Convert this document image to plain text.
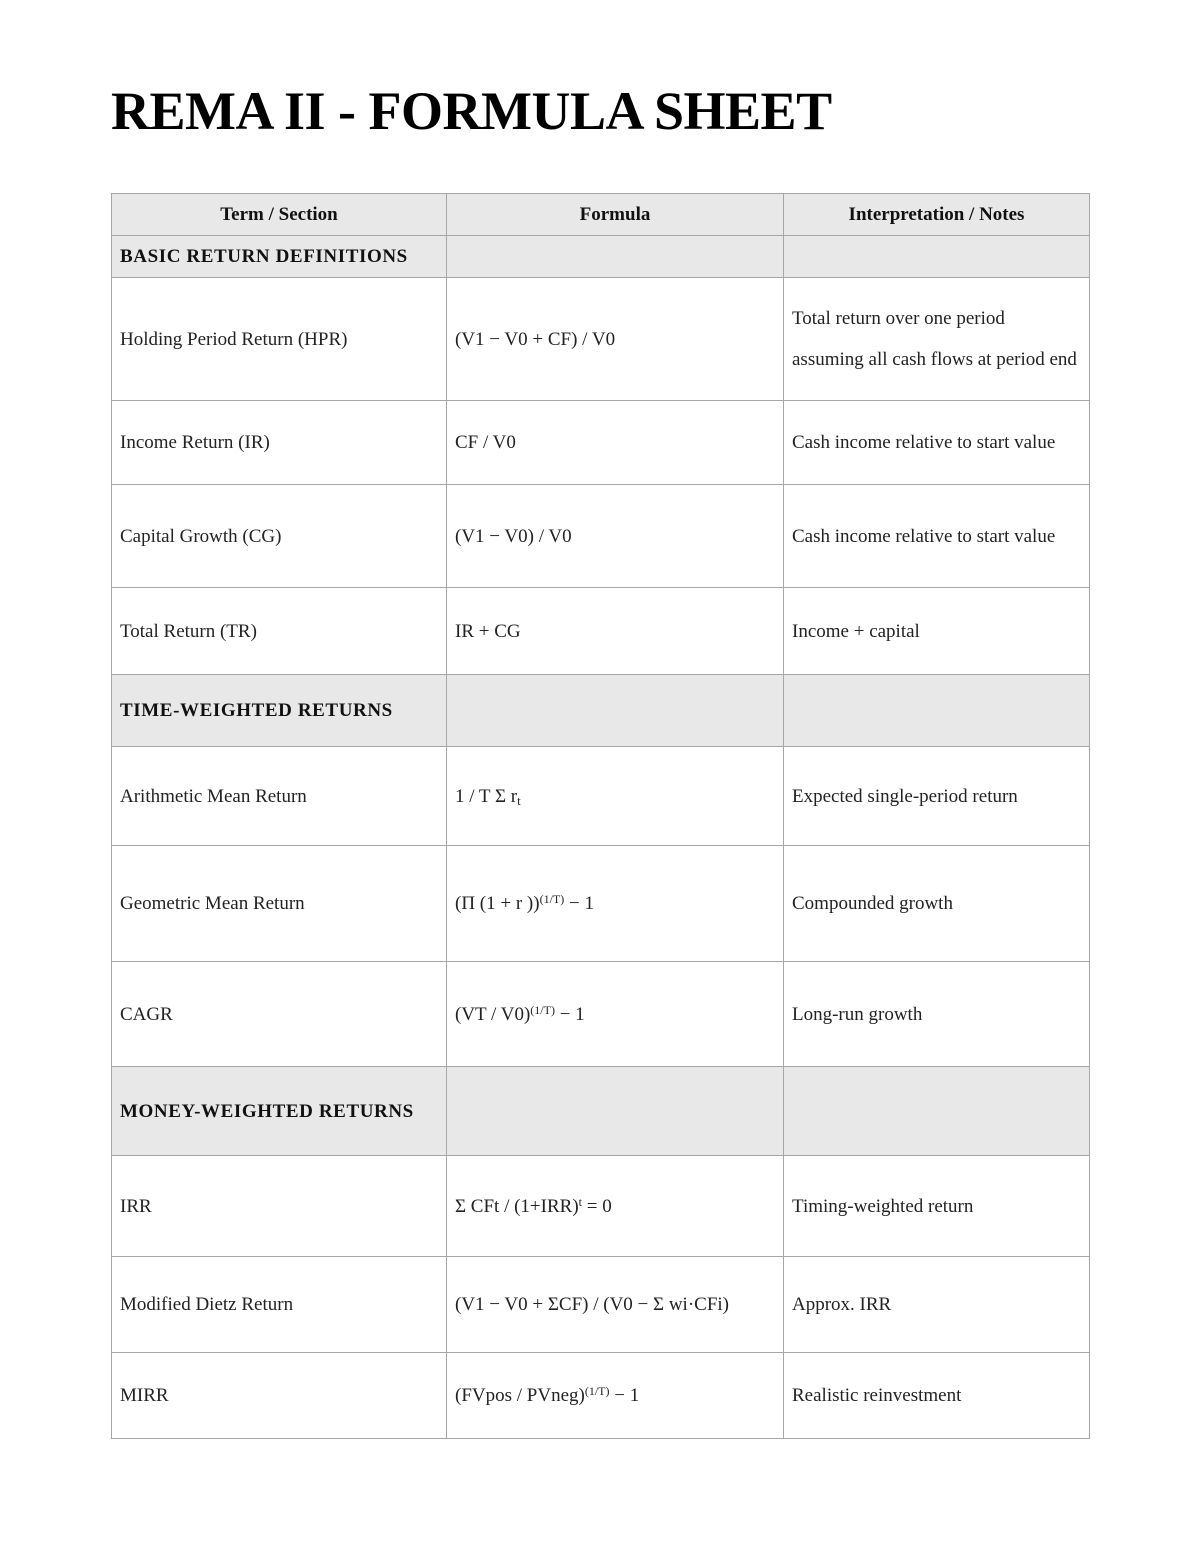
REMA II - FORMULA SHEET
Term / Section	Formula	Interpretation / Notes
BASIC RETURN DEFINITIONS		
Holding Period Return (HPR)	(V1 − V0 + CF) / V0	Total return over one period assuming all cash flows at period end
Income Return (IR)	CF / V0	Cash income relative to start value
Capital Growth (CG)	(V1 − V0) / V0	Cash income relative to start value
Total Return (TR)	IR + CG	Income + capital
TIME-WEIGHTED RETURNS		
Arithmetic Mean Return	1 / T Σ $r_t$	Expected single-period return
Geometric Mean Return	(Π (1 + r ))$^{(1/T)}$ − 1	Compounded growth
CAGR	(VT / V0)$^{(1/T)}$ − 1	Long-run growth
MONEY-WEIGHTED RETURNS		
IRR	Σ CFt / $(1+IRR)^t = 0$	Timing-weighted return
Modified Dietz Return	(V1 − V0 + ΣCF) / (V0 − Σ wi·CFi)	Approx. IRR
MIRR	(FVpos / PVneg)$^{(1/T)}$ − 1	Realistic reinvestment
